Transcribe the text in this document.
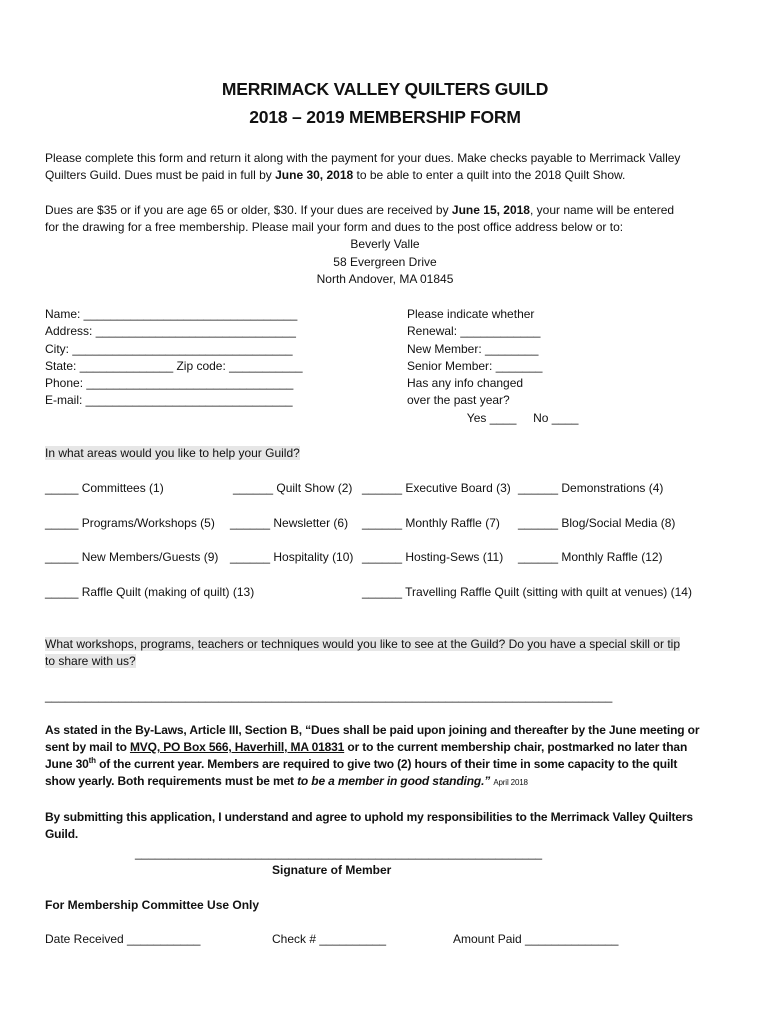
MERRIMACK VALLEY QUILTERS GUILD
2018 – 2019 MEMBERSHIP FORM
Please complete this form and return it along with the payment for your dues. Make checks payable to Merrimack Valley
Quilters Guild. Dues must be paid in full by June 30, 2018 to be able to enter a quilt into the 2018 Quilt Show.
Dues are $35 or if you are age 65 or older, $30. If your dues are received by June 15, 2018, your name will be entered
for the drawing for a free membership. Please mail your form and dues to the post office address below or to:
Beverly Valle
58 Evergreen Drive
North Andover, MA 01845
Name: ________________________________
Address: ______________________________
City: _________________________________
State: ______________ Zip code: ___________
Phone: _______________________________
E-mail: _______________________________
Please indicate whether
Renewal: ____________
New Member: ________
Senior Member: _______
Has any info changed
over the past year?
Yes ____     No ____
In what areas would you like to help your Guild?
_____ Committees (1)	______ Quilt Show (2) ______ Executive Board (3) ______ Demonstrations (4)
_____ Programs/Workshops (5) ______ Newsletter (6) ______ Monthly Raffle (7) ______ Blog/Social Media (8)
_____ New Members/Guests (9) ______ Hospitality (10) ______ Hosting-Sews (11) ______ Monthly Raffle (12)
_____ Raffle Quilt (making of quilt) (13)	______ Travelling Raffle Quilt (sitting with quilt at venues) (14)
What workshops, programs, teachers or techniques would you like to see at the Guild? Do you have a special skill or tip
to share with us?
_____________________________________________________________________________________
As stated in the By-Laws, Article III, Section B, “Dues shall be paid upon joining and thereafter by the June meeting or
sent by mail to MVQ, PO Box 566, Haverhill, MA 01831 or to the current membership chair, postmarked no later than
June 30th of the current year. Members are required to give two (2) hours of their time in some capacity to the quilt
show yearly. Both requirements must be met to be a member in good standing.” April 2018
By submitting this application, I understand and agree to uphold my responsibilities to the Merrimack Valley Quilters
Guild.
_____________________________________________________________
Signature of Member
For Membership Committee Use Only
Date Received ___________	Check # __________	Amount Paid ______________
